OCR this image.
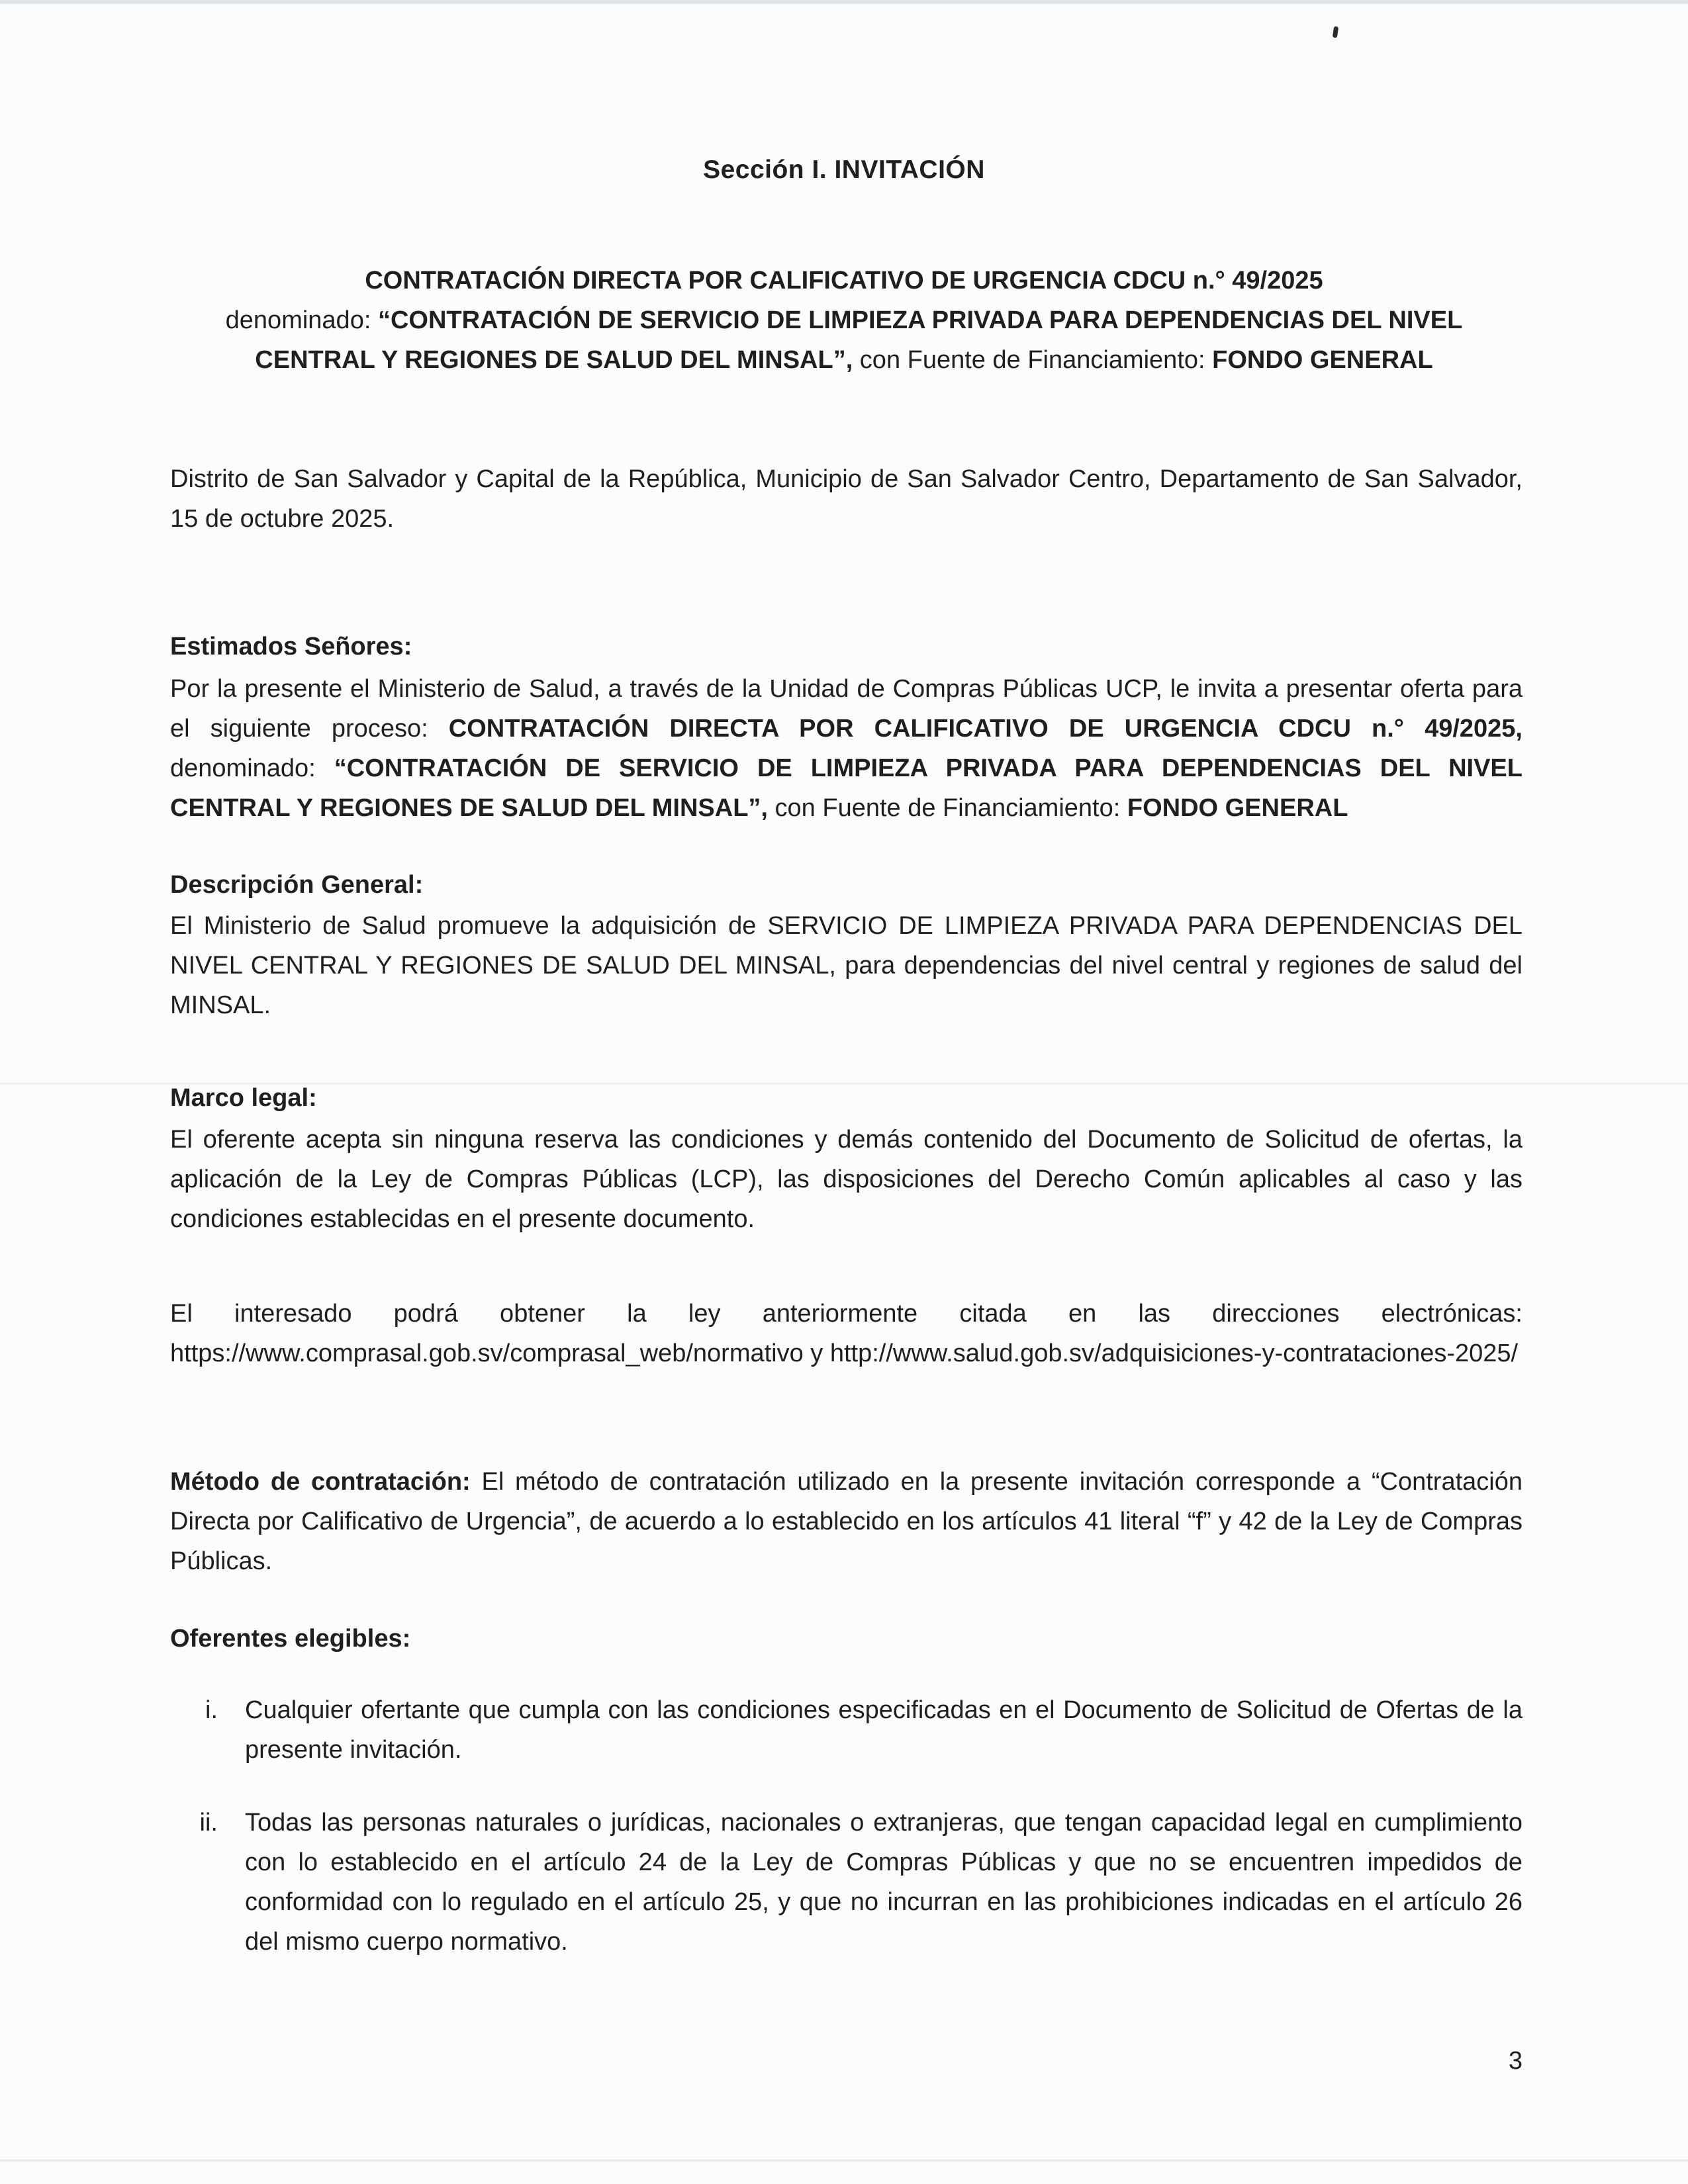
Sección I. INVITACIÓN
CONTRATACIÓN DIRECTA POR CALIFICATIVO DE URGENCIA CDCU n.° 49/2025
denominado: “CONTRATACIÓN DE SERVICIO DE LIMPIEZA PRIVADA PARA DEPENDENCIAS DEL NIVEL
CENTRAL Y REGIONES DE SALUD DEL MINSAL”, con Fuente de Financiamiento: FONDO GENERAL
Distrito de San Salvador y Capital de la República, Municipio de San Salvador Centro, Departamento de San Salvador, 15 de octubre 2025.
Estimados Señores:
Por la presente el Ministerio de Salud, a través de la Unidad de Compras Públicas UCP, le invita a presentar oferta para el siguiente proceso: CONTRATACIÓN DIRECTA POR CALIFICATIVO DE URGENCIA CDCU n.° 49/2025, denominado: “CONTRATACIÓN DE SERVICIO DE LIMPIEZA PRIVADA PARA DEPENDENCIAS DEL NIVEL CENTRAL Y REGIONES DE SALUD DEL MINSAL”, con Fuente de Financiamiento: FONDO GENERAL
Descripción General:
El Ministerio de Salud promueve la adquisición de SERVICIO DE LIMPIEZA PRIVADA PARA DEPENDENCIAS DEL NIVEL CENTRAL Y REGIONES DE SALUD DEL MINSAL, para dependencias del nivel central y regiones de salud del MINSAL.
Marco legal:
El oferente acepta sin ninguna reserva las condiciones y demás contenido del Documento de Solicitud de ofertas, la aplicación de la Ley de Compras Públicas (LCP), las disposiciones del Derecho Común aplicables al caso y las condiciones establecidas en el presente documento.
El interesado podrá obtener la ley anteriormente citada en las direcciones electrónicas: https://www.comprasal.gob.sv/comprasal_web/normativo y http://www.salud.gob.sv/adquisiciones-y-contrataciones-2025/
Método de contratación: El método de contratación utilizado en la presente invitación corresponde a “Contratación Directa por Calificativo de Urgencia”, de acuerdo a lo establecido en los artículos 41 literal “f” y 42 de la Ley de Compras Públicas.
Oferentes elegibles:
i. Cualquier ofertante que cumpla con las condiciones especificadas en el Documento de Solicitud de Ofertas de la presente invitación.
ii. Todas las personas naturales o jurídicas, nacionales o extranjeras, que tengan capacidad legal en cumplimiento con lo establecido en el artículo 24 de la Ley de Compras Públicas y que no se encuentren impedidos de conformidad con lo regulado en el artículo 25, y que no incurran en las prohibiciones indicadas en el artículo 26 del mismo cuerpo normativo.
3
